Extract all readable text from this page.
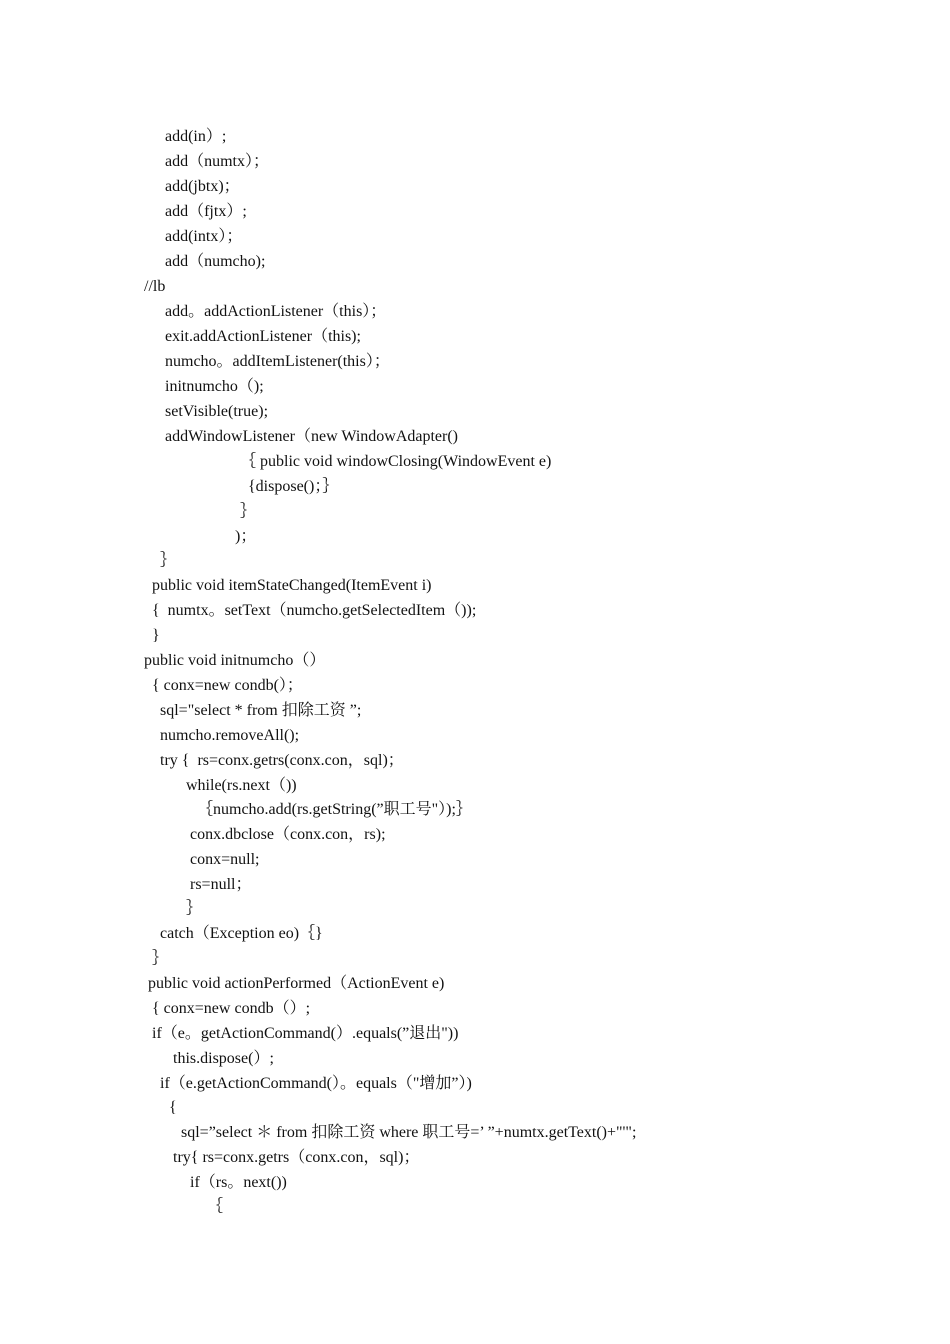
add(in）;
add（numtx）；
add(jbtx)；
add（fjtx）;
add(intx）；
add（numcho);
//lb
add。addActionListener（this）；
exit.addActionListener（this);
numcho。addItemListener(this）；
initnumcho（);
setVisible(true);
addWindowListener（new WindowAdapter()
｛ public void windowClosing(WindowEvent e)
{dispose()；｝
｝
)；
｝
public void itemStateChanged(ItemEvent i)
{  numtx。setText（numcho.getSelectedItem（));
}
public void initnumcho（）
{ conx=new condb(）；
sql="select * from 扣除工资 ”;
numcho.removeAll();
try {  rs=conx.getrs(conx.con，sql)；
while(rs.next（))
｛numcho.add(rs.getString(”职工号"）);｝
conx.dbclose（conx.con，rs);
conx=null;
rs=null；
｝
catch（Exception eo)｛}
｝
public void actionPerformed（ActionEvent e)
{ conx=new condb（）;
if（e。getActionCommand(）.equals(”退出"))
this.dispose(）;
if（e.getActionCommand(）。equals（"增加”）)
{
sql=”select ＊ from 扣除工资 where 职工号=’ ”+numtx.getText()+"'";
try{ rs=conx.getrs（conx.con，sql)；
if（rs。next())
｛
